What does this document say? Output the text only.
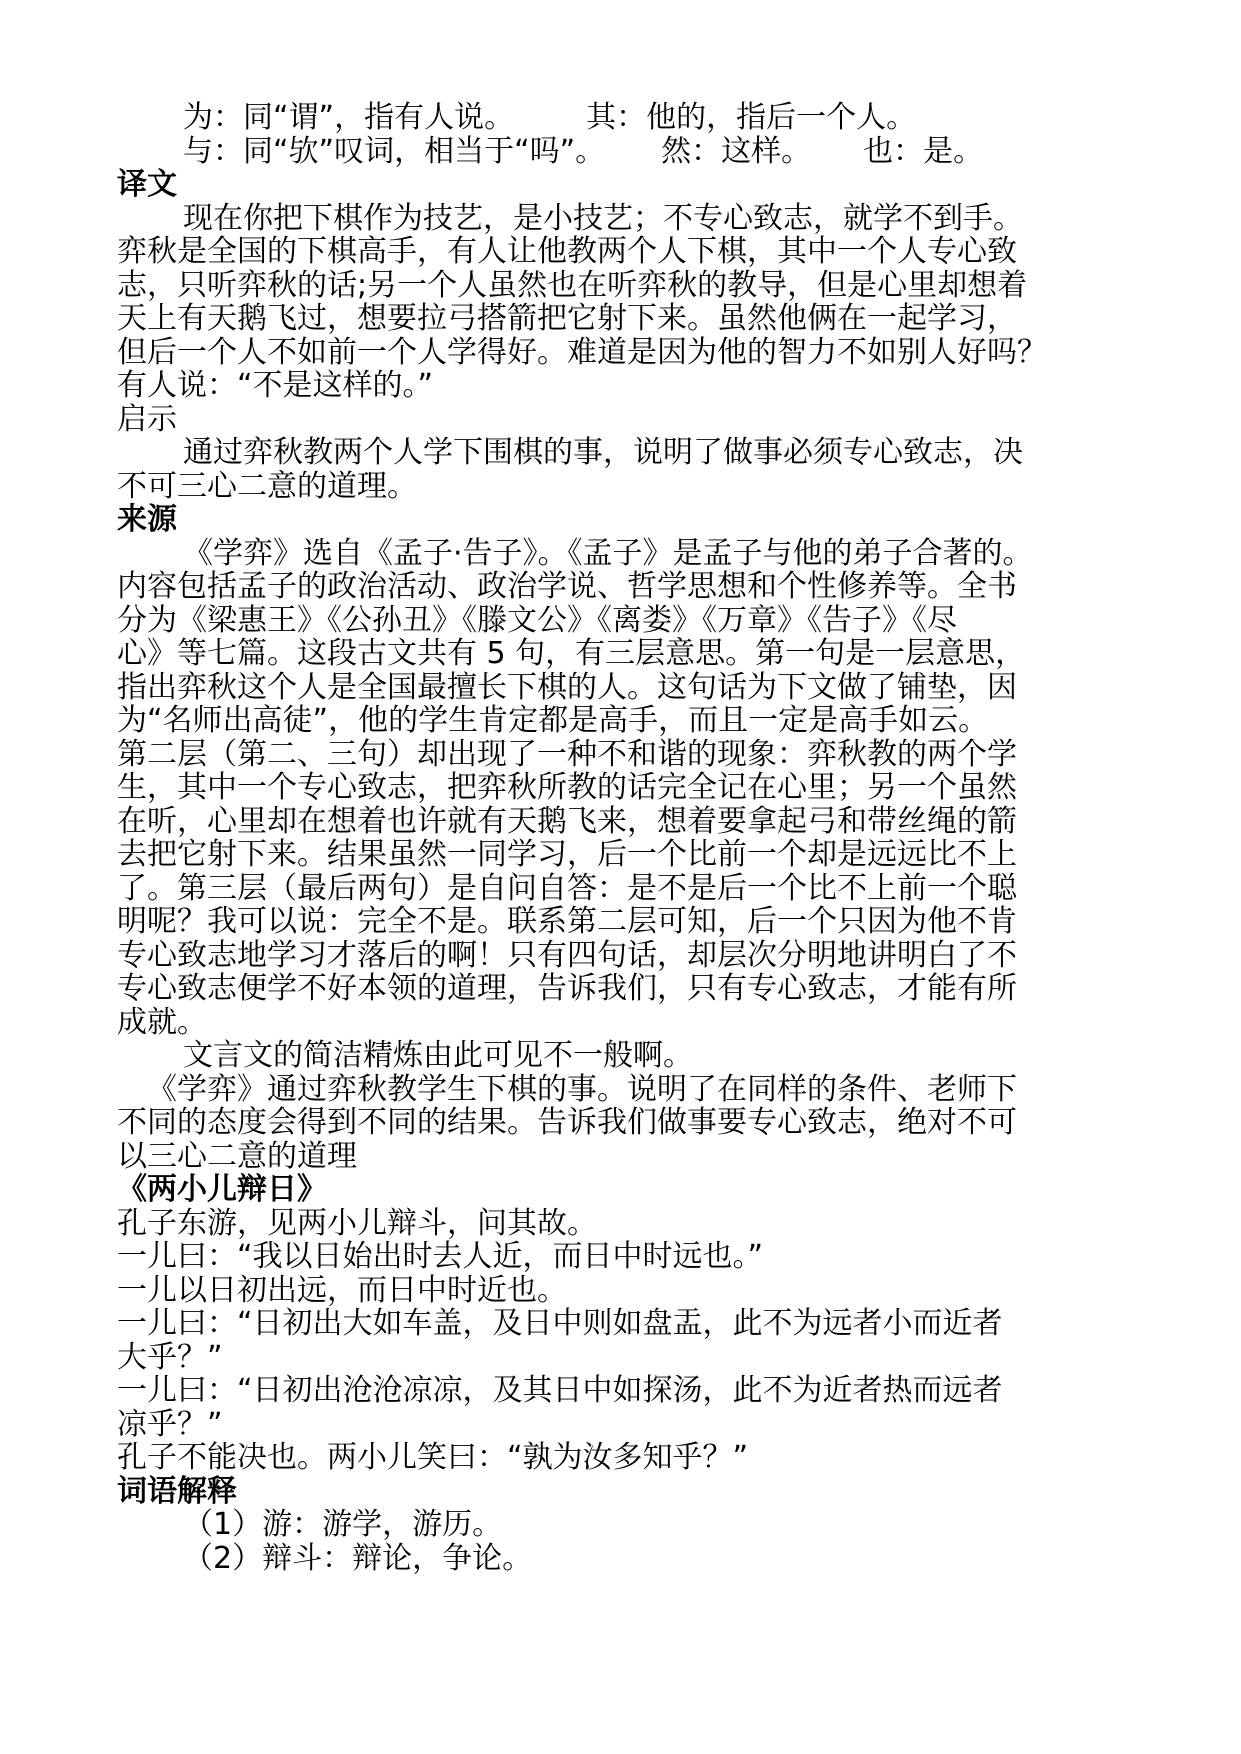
为：同“谓”，指有人说。 其：他的，指后一个人。
与：同“欤”叹词，相当于“吗”。 然：这样。 也：是。
译文
现在你把下棋作为技艺，是小技艺；不专心致志，就学不到手。
弈秋是全国的下棋高手，有人让他教两个人下棋，其中一个人专心致
志，只听弈秋的话;另一个人虽然也在听弈秋的教导，但是心里却想着
天上有天鹅飞过，想要拉弓搭箭把它射下来。虽然他俩在一起学习，
但后一个人不如前一个人学得好。难道是因为他的智力不如别人好吗？
有人说：“不是这样的。”
启示
通过弈秋教两个人学下围棋的事，说明了做事必须专心致志，决
不可三心二意的道理。
来源
《学弈》选自《孟子·告子》。《孟子》是孟子与他的弟子合著的。
内容包括孟子的政治活动、政治学说、哲学思想和个性修养等。全书
分为《梁惠王》《公孙丑》《滕文公》《离娄》《万章》《告子》《尽
心》等七篇。这段古文共有 5 句，有三层意思。第一句是一层意思，
指出弈秋这个人是全国最擅长下棋的人。这句话为下文做了铺垫，因
为“名师出高徒”，他的学生肯定都是高手，而且一定是高手如云。
第二层（第二、三句）却出现了一种不和谐的现象：弈秋教的两个学
生，其中一个专心致志，把弈秋所教的话完全记在心里；另一个虽然
在听，心里却在想着也许就有天鹅飞来，想着要拿起弓和带丝绳的箭
去把它射下来。结果虽然一同学习，后一个比前一个却是远远比不上
了。第三层（最后两句）是自问自答：是不是后一个比不上前一个聪
明呢？我可以说：完全不是。联系第二层可知，后一个只因为他不肯
专心致志地学习才落后的啊！只有四句话，却层次分明地讲明白了不
专心致志便学不好本领的道理，告诉我们，只有专心致志，才能有所
成就。
文言文的简洁精炼由此可见不一般啊。
《学弈》通过弈秋教学生下棋的事。说明了在同样的条件、老师下
不同的态度会得到不同的结果。告诉我们做事要专心致志，绝对不可
以三心二意的道理
《两小儿辩日》
孔子东游，见两小儿辩斗，问其故。
一儿曰：“我以日始出时去人近，而日中时远也。”
一儿以日初出远，而日中时近也。
一儿曰：“日初出大如车盖，及日中则如盘盂，此不为远者小而近者
大乎？”
一儿曰：“日初出沧沧凉凉，及其日中如探汤，此不为近者热而远者
凉乎？”
孔子不能决也。两小儿笑曰：“孰为汝多知乎？”
词语解释
（1）游：游学，游历。
（2）辩斗：辩论，争论。
